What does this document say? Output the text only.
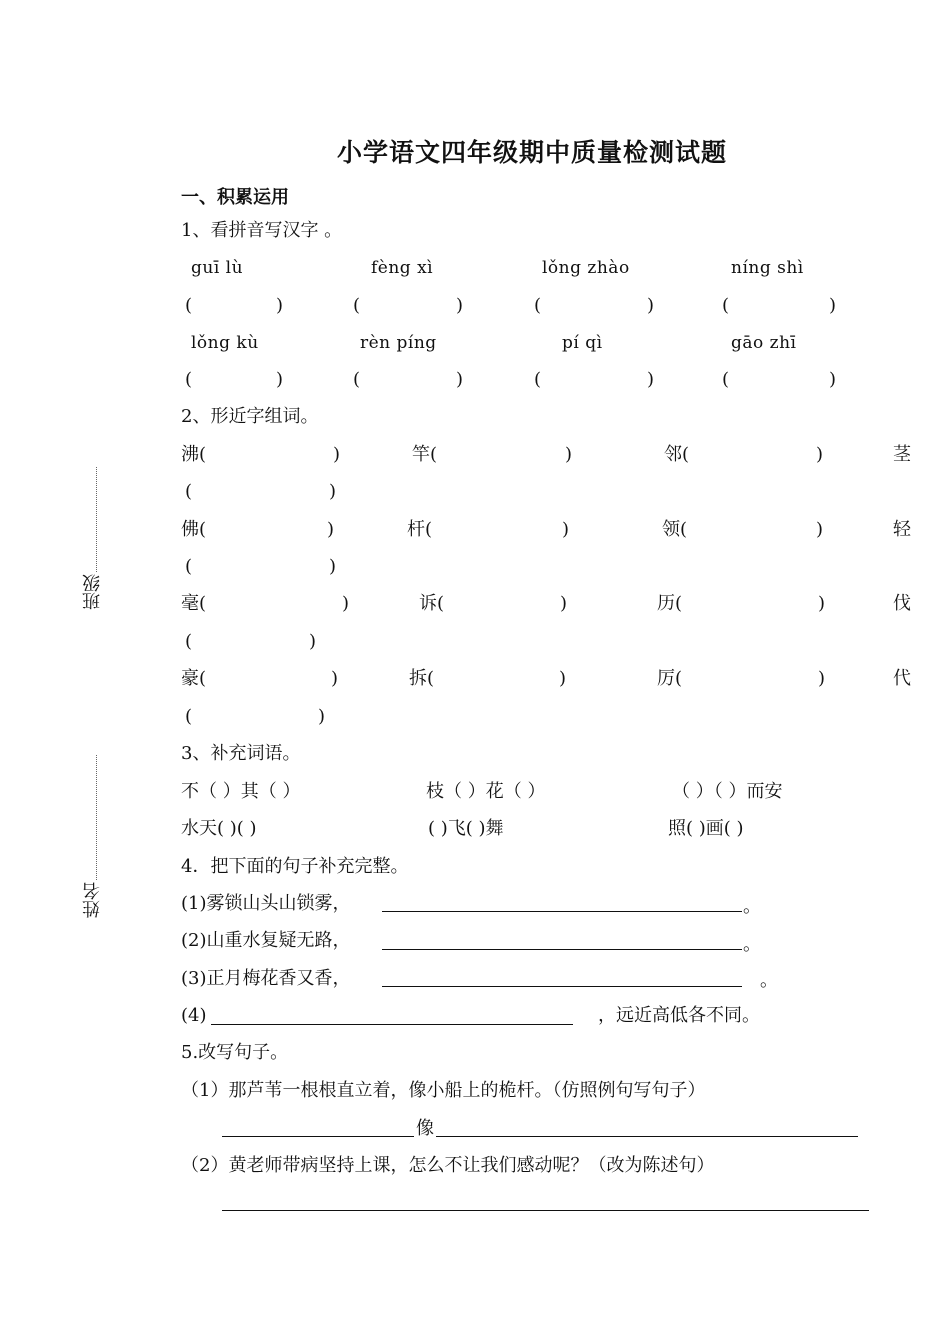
小学语文四年级期中质量检测试题
班级
姓名
一、积累运用
1、看拼音写汉字 。
guī lù	fèng xì	lǒng zhào	níng shì
(	)	(	)	(	)	(	)
lǒng kù	rèn píng	pí qì	gāo zhī
(	)	(	)	(	)	(	)
2、形近字组词。
沸(	)	竿(	)	邻(	)	茎
(	)
佛(	)	杆(	)	领(	)	轻
(	)
毫(	)	诉(	)	历(	)	伐
(	)
豪(	)	拆(	)	厉(	)	代
(	)
3、补充词语。
不（ ）其（ ）	枝（ ）花（ ）	（ ）（ ）而安
水天( )( )	( )飞( )舞	照( )画( )
4．把下面的句子补充完整。
(1)雾锁山头山锁雾，	。
(2)山重水复疑无路，	。
(3)正月梅花香又香，	。
(4)	，远近高低各不同。
5.改写句子。
（1）那芦苇一根根直立着，像小船上的桅杆。（仿照例句写句子）
像
（2）黄老师带病坚持上课，怎么不让我们感动呢？（改为陈述句）
